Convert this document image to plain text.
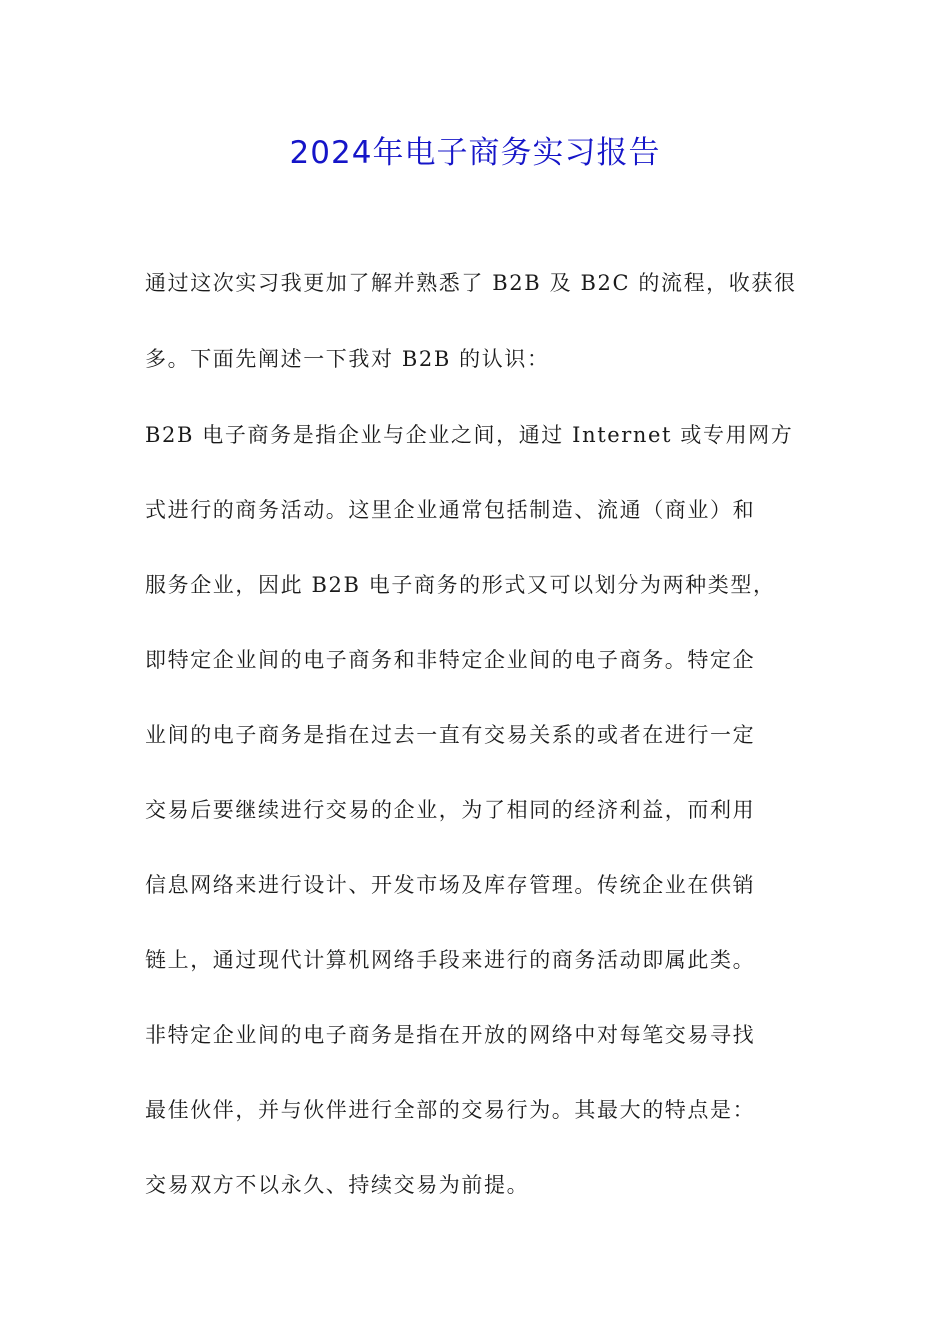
2024年电子商务实习报告
通过这次实习我更加了解并熟悉了 B2B 及 B2C 的流程，收获很
多。下面先阐述一下我对 B2B 的认识：
B2B 电子商务是指企业与企业之间，通过 Internet 或专用网方
式进行的商务活动。这里企业通常包括制造、流通（商业）和
服务企业，因此 B2B 电子商务的形式又可以划分为两种类型，
即特定企业间的电子商务和非特定企业间的电子商务。特定企
业间的电子商务是指在过去一直有交易关系的或者在进行一定
交易后要继续进行交易的企业，为了相同的经济利益，而利用
信息网络来进行设计、开发市场及库存管理。传统企业在供销
链上，通过现代计算机网络手段来进行的商务活动即属此类。
非特定企业间的电子商务是指在开放的网络中对每笔交易寻找
最佳伙伴，并与伙伴进行全部的交易行为。其最大的特点是：
交易双方不以永久、持续交易为前提。
